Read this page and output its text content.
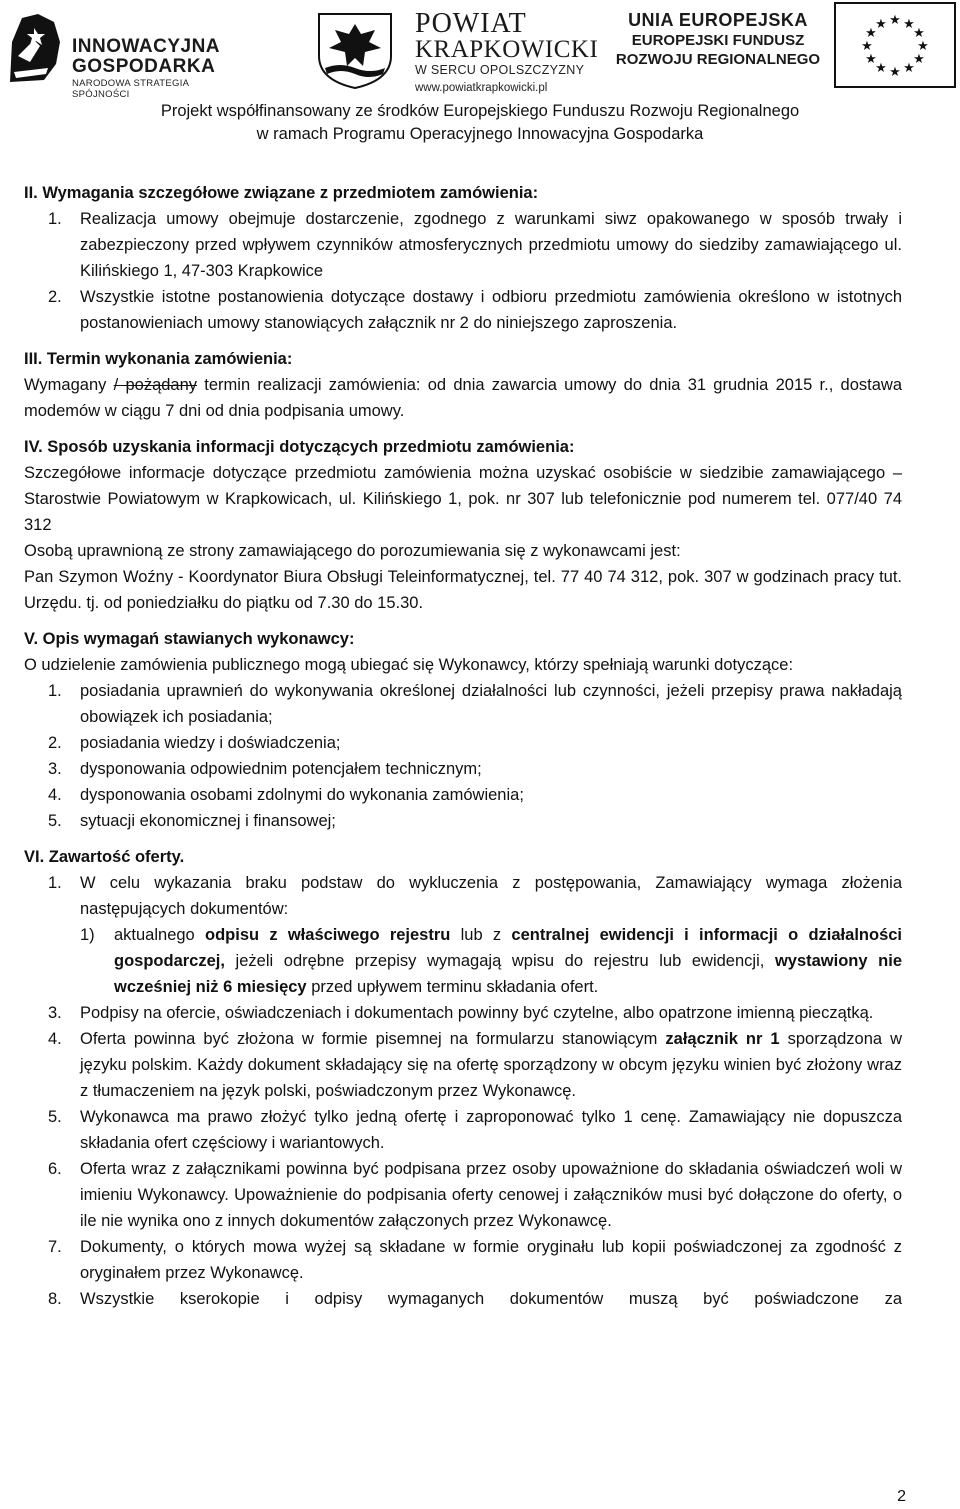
INNOWACYJNA
GOSPODARKA
NARODOWA STRATEGIA SPÓJNOŚCI
POWIAT
KRAPKOWICKI
W SERCU OPOLSZCZYZNY
www.powiatkrapkowicki.pl
UNIA EUROPEJSKA
EUROPEJSKI FUNDUSZ
ROZWOJU REGIONALNEGO
★ ★
★
★
★
★
★
★
★
★
★
★
Projekt współfinansowany ze środków Europejskiego Funduszu Rozwoju Regionalnego
w ramach Programu Operacyjnego Innowacyjna Gospodarka

II. Wymagania szczegółowe związane z przedmiotem zamówienia:

1.	Realizacja umowy obejmuje dostarczenie, zgodnego z warunkami siwz opakowanego w sposób trwały i zabezpieczony przed wpływem czynników atmosferycznych przedmiotu umowy do siedziby zamawiającego ul. Kilińskiego 1, 47-303 Krapkowice
2.	Wszystkie istotne postanowienia dotyczące dostawy i odbioru przedmiotu zamówienia określono w istotnych postanowieniach umowy stanowiących załącznik nr 2 do niniejszego zaproszenia.

III. Termin wykonania zamówienia:

Wymagany / pożądany termin realizacji zamówienia: od dnia zawarcia umowy do dnia 31 grudnia 2015 r., dostawa modemów w ciągu 7 dni od dnia podpisania umowy.

IV. Sposób uzyskania informacji dotyczących przedmiotu zamówienia:

Szczegółowe informacje dotyczące przedmiotu zamówienia można uzyskać osobiście w siedzibie zamawiającego – Starostwie Powiatowym w Krapkowicach, ul. Kilińskiego 1, pok. nr 307 lub telefonicznie pod numerem tel. 077/40 74 312

Osobą uprawnioną ze strony zamawiającego do porozumiewania się z wykonawcami jest:

Pan Szymon Woźny - Koordynator Biura Obsługi Teleinformatycznej, tel. 77 40 74 312, pok. 307 w godzinach pracy tut. Urzędu. tj. od poniedziałku do piątku od 7.30 do 15.30.

V. Opis wymagań stawianych wykonawcy:

O udzielenie zamówienia publicznego mogą ubiegać się Wykonawcy, którzy spełniają warunki dotyczące:

1.	posiadania uprawnień do wykonywania określonej działalności lub czynności, jeżeli przepisy prawa nakładają obowiązek ich posiadania;
2.	posiadania wiedzy i doświadczenia;
3.	dysponowania odpowiednim potencjałem technicznym;
4.	dysponowania osobami zdolnymi do wykonania zamówienia;
5.	sytuacji ekonomicznej i finansowej;

VI. Zawartość oferty.

1.	W celu wykazania braku podstaw do wykluczenia z postępowania, Zamawiający wymaga złożenia następujących dokumentów:
1)	aktualnego odpisu z właściwego rejestru lub z centralnej ewidencji i informacji o działalności gospodarczej, jeżeli odrębne przepisy wymagają wpisu do rejestru lub ewidencji, wystawiony nie wcześniej niż 6 miesięcy przed upływem terminu składania ofert.
3.	Podpisy na ofercie, oświadczeniach i dokumentach powinny być czytelne, albo opatrzone imienną pieczątką.
4.	Oferta powinna być złożona w formie pisemnej na formularzu stanowiącym załącznik nr 1 sporządzona w języku polskim. Każdy dokument składający się na ofertę sporządzony w obcym języku winien być złożony wraz z tłumaczeniem na język polski, poświadczonym przez Wykonawcę.
5.	Wykonawca ma prawo złożyć tylko jedną ofertę i zaproponować tylko 1 cenę. Zamawiający nie dopuszcza składania ofert częściowy i wariantowych.
6.	Oferta wraz z załącznikami powinna być podpisana przez osoby upoważnione do składania oświadczeń woli w imieniu Wykonawcy. Upoważnienie do podpisania oferty cenowej i załączników musi być dołączone do oferty, o ile nie wynika ono z innych dokumentów załączonych przez Wykonawcę.
7.	Dokumenty, o których mowa wyżej są składane w formie oryginału lub kopii poświadczonej za zgodność z oryginałem przez Wykonawcę.
8.	Wszystkie kserokopie i odpisy wymaganych dokumentów muszą być poświadczone za
2
